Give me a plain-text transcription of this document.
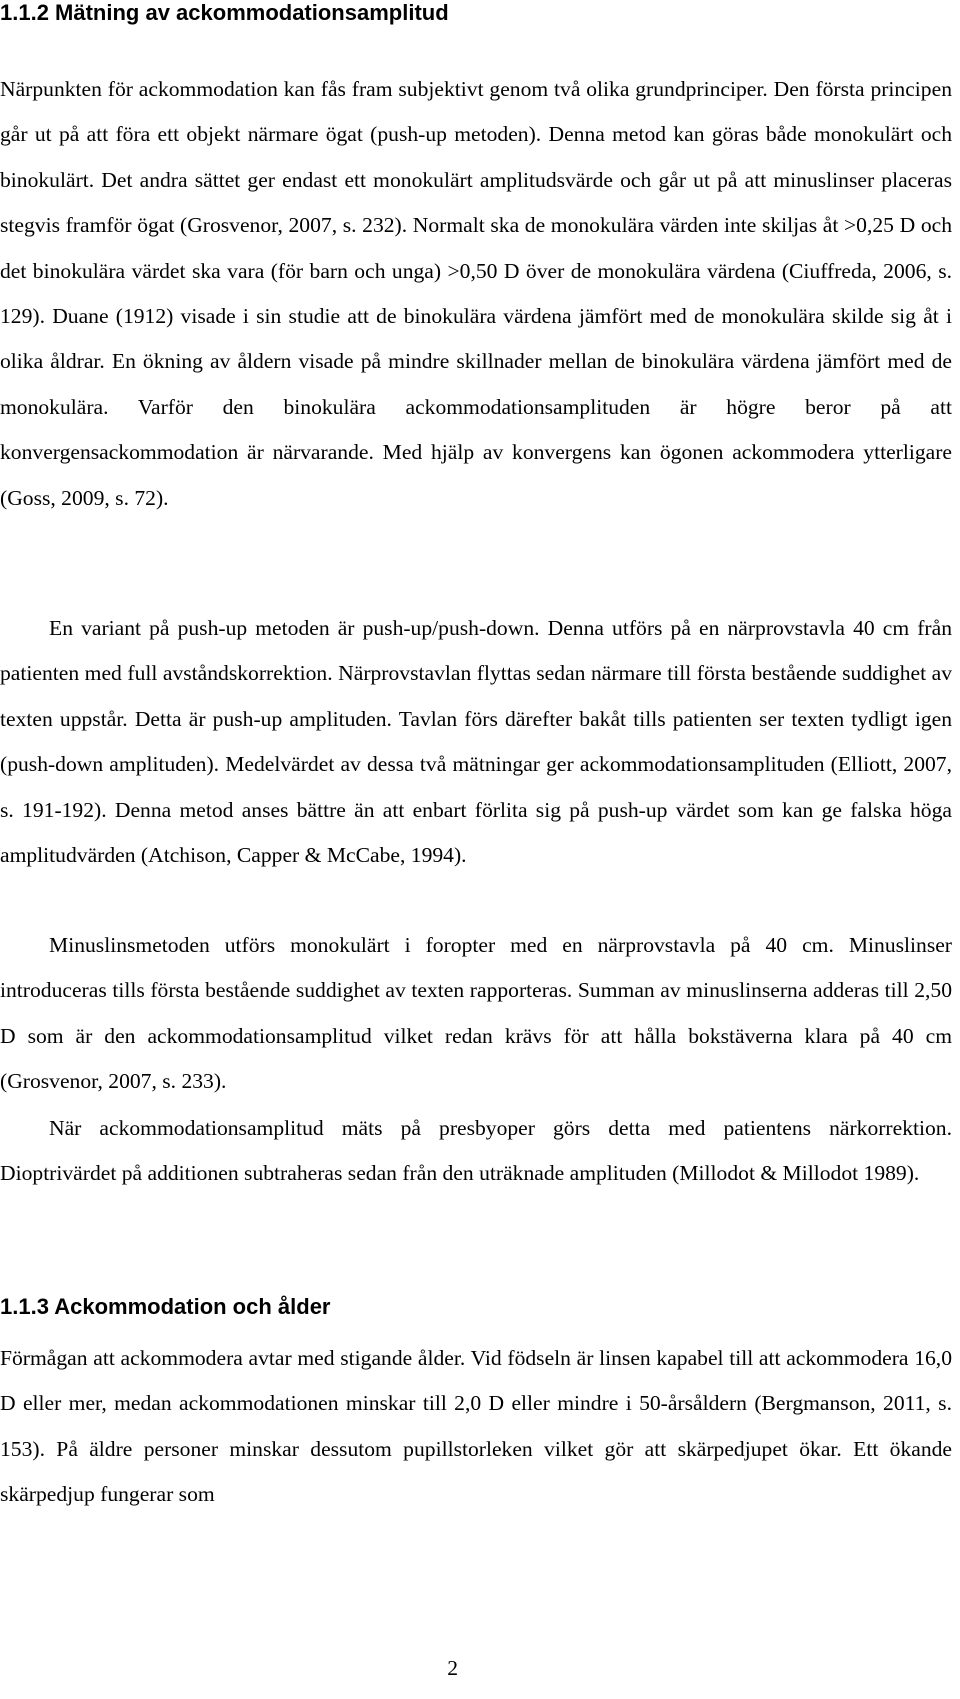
1.1.2 Mätning av ackommodationsamplitud

Närpunkten för ackommodation kan fås fram subjektivt genom två olika grundprinciper. Den första principen går ut på att föra ett objekt närmare ögat (push-up metoden). Denna metod kan göras både monokulärt och binokulärt. Det andra sättet ger endast ett monokulärt amplitudsvärde och går ut på att minuslinser placeras stegvis framför ögat (Grosvenor, 2007, s. 232). Normalt ska de monokulära värden inte skiljas åt >0,25 D och det binokulära värdet ska vara (för barn och unga) >0,50 D över de monokulära värdena (Ciuffreda, 2006, s. 129). Duane (1912) visade i sin studie att de binokulära värdena jämfört med de monokulära skilde sig åt i olika åldrar. En ökning av åldern visade på mindre skillnader mellan de binokulära värdena jämfört med de monokulära. Varför den binokulära ackommodationsamplituden är högre beror på att konvergensackommodation är närvarande. Med hjälp av konvergens kan ögonen ackommodera ytterligare (Goss, 2009, s. 72).

En variant på push-up metoden är push-up/push-down. Denna utförs på en närprovstavla 40 cm från patienten med full avståndskorrektion. Närprovstavlan flyttas sedan närmare till första bestående suddighet av texten uppstår. Detta är push-up amplituden. Tavlan förs därefter bakåt tills patienten ser texten tydligt igen (push-down amplituden). Medelvärdet av dessa två mätningar ger ackommodationsamplituden (Elliott, 2007, s. 191-192). Denna metod anses bättre än att enbart förlita sig på push-up värdet som kan ge falska höga amplitudvärden (Atchison, Capper & McCabe, 1994).

Minuslinsmetoden utförs monokulärt i foropter med en närprovstavla på 40 cm. Minuslinser introduceras tills första bestående suddighet av texten rapporteras. Summan av minuslinserna adderas till 2,50 D som är den ackommodationsamplitud vilket redan krävs för att hålla bokstäverna klara på 40 cm (Grosvenor, 2007, s. 233).

När ackommodationsamplitud mäts på presbyoper görs detta med patientens närkorrektion. Dioptrivärdet på additionen subtraheras sedan från den uträknade amplituden (Millodot & Millodot 1989).

1.1.3 Ackommodation och ålder

Förmågan att ackommodera avtar med stigande ålder. Vid födseln är linsen kapabel till att ackommodera 16,0 D eller mer, medan ackommodationen minskar till 2,0 D eller mindre i 50-årsåldern (Bergmanson, 2011, s. 153). På äldre personer minskar dessutom pupillstorleken vilket gör att skärpedjupet ökar. Ett ökande skärpedjup fungerar som

2
